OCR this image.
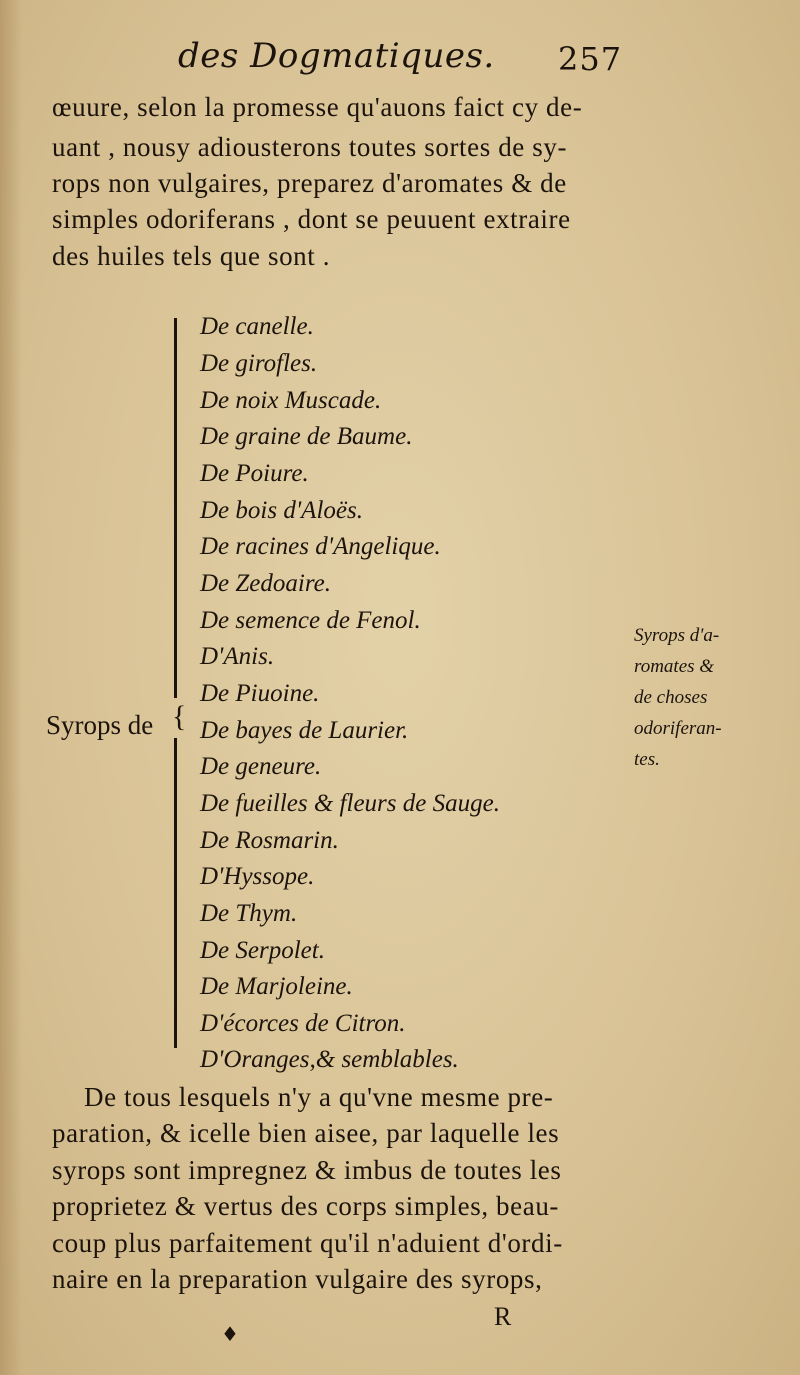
des Dogmatiques. 257
œuure, selon la promesse qu'auons faict cy de-
uant , nousy adiousterons toutes sortes de sy-
rops non vulgaires, preparez d'aromates & de
simples odoriferans , dont se peuuent extraire
des huiles tels que sont .
{
Syrops de
De canelle.
De girofles.
De noix Muscade.
De graine de Baume.
De Poiure.
De bois d'Aloës.
De racines d'Angelique.
De Zedoaire.
De semence de Fenol.
D'Anis.
De Piuoine.
De bayes de Laurier.
De geneure.
De fueilles & fleurs de Sauge.
De Rosmarin.
D'Hyssope.
De Thym.
De Serpolet.
De Marjoleine.
D'écorces de Citron.
D'Oranges,& semblables.
Syrops d'a-
romates &
de choses
odoriferan-
tes.
De tous lesquels n'y a qu'vne mesme pre-
paration, & icelle bien aisee, par laquelle les
syrops sont impregnez & imbus de toutes les
proprietez & vertus des corps simples, beau-
coup plus parfaitement qu'il n'aduient d'ordi-
naire en la preparation vulgaire des syrops,
R
♦
